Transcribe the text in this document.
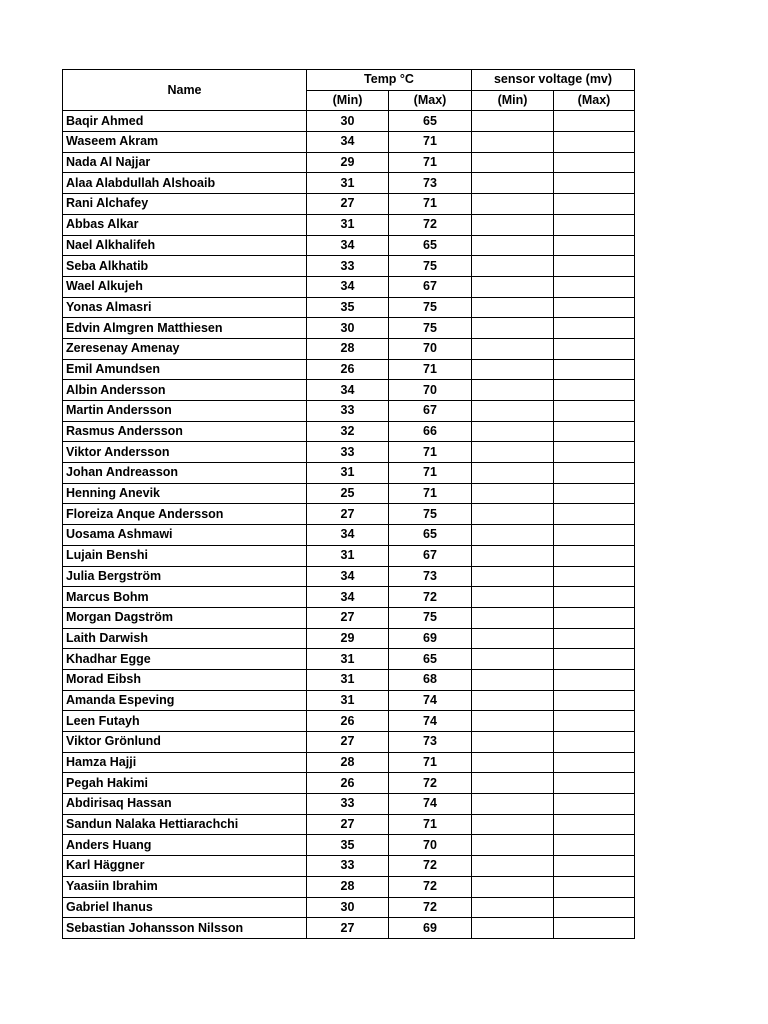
Name	Temp °C		sensor voltage (mv)	
	(Min)	(Max)	(Min)	(Max)
Baqir Ahmed	30	65		
Waseem Akram	34	71		
Nada Al Najjar	29	71		
Alaa Alabdullah Alshoaib	31	73		
Rani Alchafey	27	71		
Abbas Alkar	31	72		
Nael Alkhalifeh	34	65		
Seba Alkhatib	33	75		
Wael Alkujeh	34	67		
Yonas Almasri	35	75		
Edvin Almgren Matthiesen	30	75		
Zeresenay Amenay	28	70		
Emil Amundsen	26	71		
Albin Andersson	34	70		
Martin Andersson	33	67		
Rasmus Andersson	32	66		
Viktor Andersson	33	71		
Johan Andreasson	31	71		
Henning Anevik	25	71		
Floreiza Anque Andersson	27	75		
Uosama Ashmawi	34	65		
Lujain Benshi	31	67		
Julia Bergström	34	73		
Marcus Bohm	34	72		
Morgan Dagström	27	75		
Laith Darwish	29	69		
Khadhar Egge	31	65		
Morad Eibsh	31	68		
Amanda Espeving	31	74		
Leen Futayh	26	74		
Viktor Grönlund	27	73		
Hamza Hajji	28	71		
Pegah Hakimi	26	72		
Abdirisaq Hassan	33	74		
Sandun Nalaka Hettiarachchi	27	71		
Anders Huang	35	70		
Karl Häggner	33	72		
Yaasiin Ibrahim	28	72		
Gabriel Ihanus	30	72		
Sebastian Johansson Nilsson	27	69		
